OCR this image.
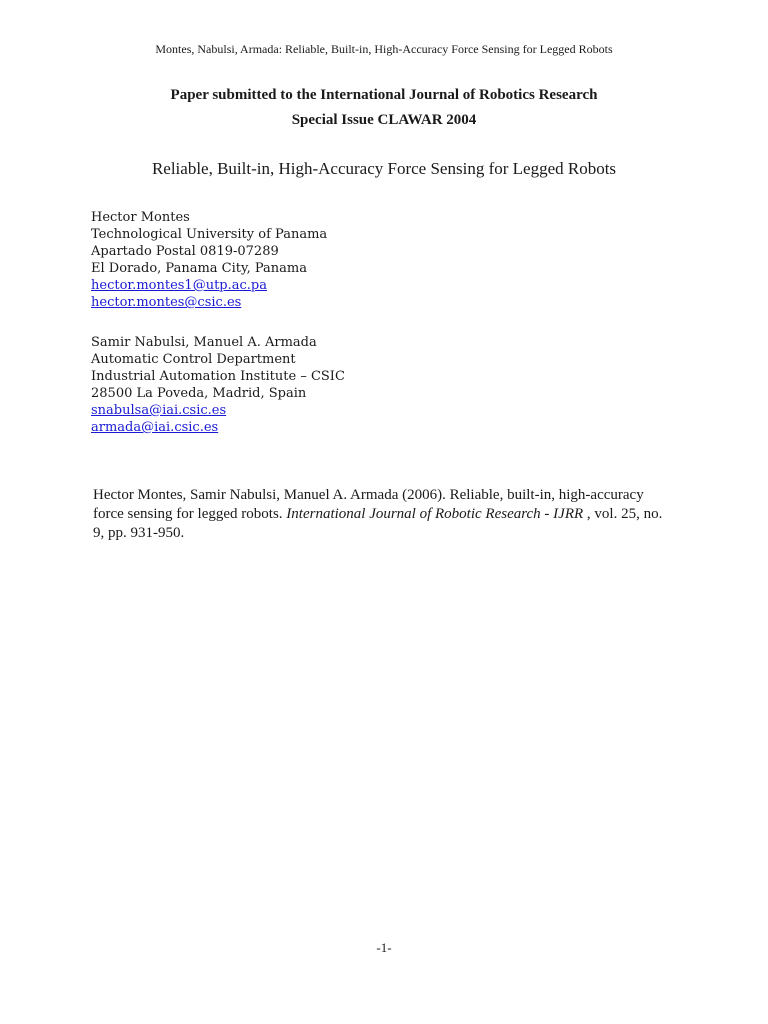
Montes, Nabulsi, Armada: Reliable, Built-in, High-Accuracy Force Sensing for Legged Robots
Paper submitted to the International Journal of Robotics Research
Special Issue CLAWAR 2004
Reliable, Built-in, High-Accuracy Force Sensing for Legged Robots
Hector Montes
Technological University of Panama
Apartado Postal 0819-07289
El Dorado, Panama City, Panama
hector.montes1@utp.ac.pa
hector.montes@csic.es
Samir Nabulsi, Manuel A. Armada
Automatic Control Department
Industrial Automation Institute – CSIC
28500 La Poveda, Madrid, Spain
snabulsa@iai.csic.es
armada@iai.csic.es
Hector Montes, Samir Nabulsi, Manuel A. Armada (2006). Reliable, built-in, high-accuracy force sensing for legged robots. International Journal of Robotic Research - IJRR , vol. 25, no. 9, pp. 931-950.
-1-
